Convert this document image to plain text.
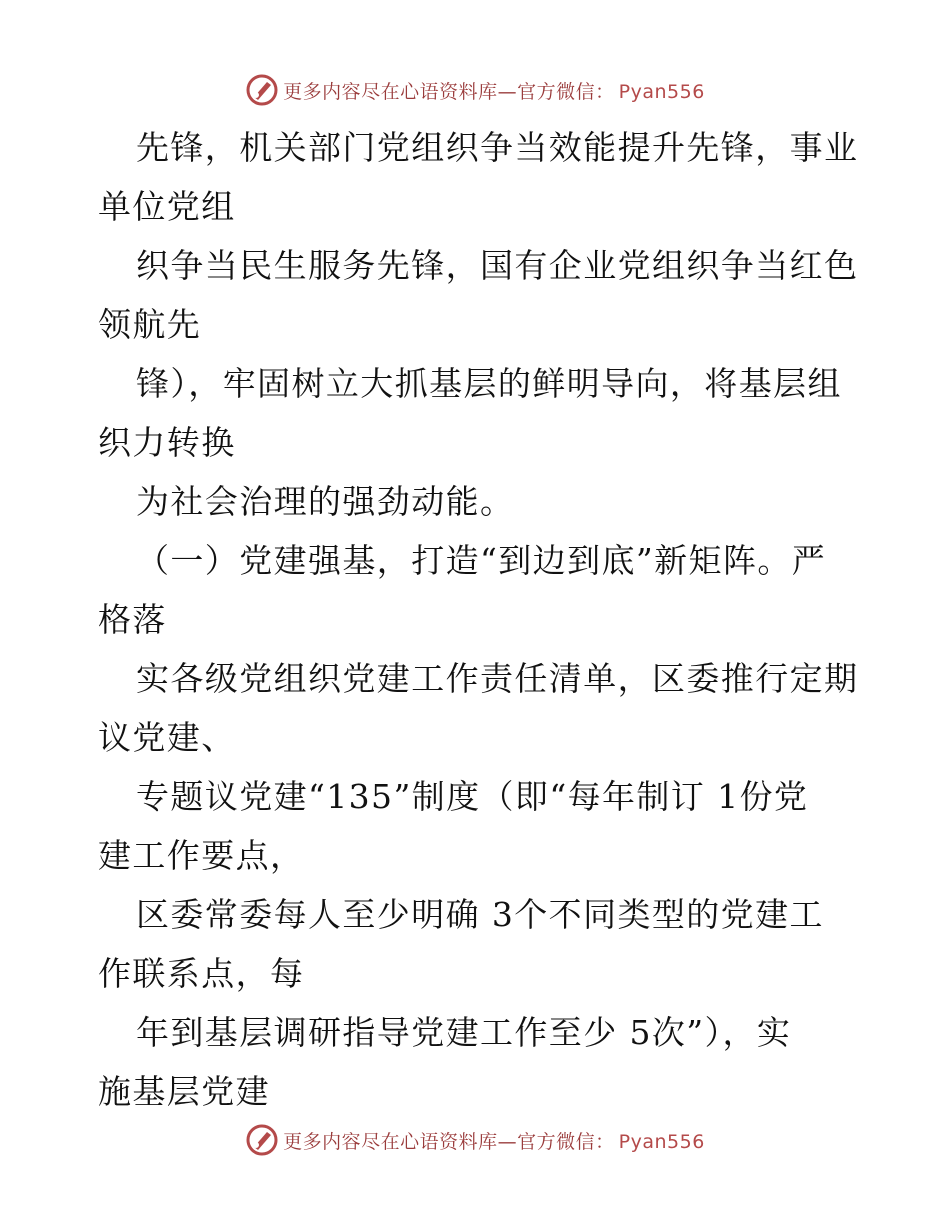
更多内容尽在心语资料库—官方微信： Pyan556
先锋，机关部门党组织争当效能提升先锋，事业
单位党组
织争当民生服务先锋，国有企业党组织争当红色
领航先
锋），牢固树立大抓基层的鲜明导向，将基层组
织力转换
为社会治理的强劲动能。
（一）党建强基，打造“到边到底”新矩阵。严
格落
实各级党组织党建工作责任清单，区委推行定期
议党建、
专题议党建“135”制度（即“每年制订 1份党
建工作要点，
区委常委每人至少明确 3个不同类型的党建工
作联系点，每
年到基层调研指导党建工作至少 5次”），实
施基层党建
更多内容尽在心语资料库—官方微信： Pyan556
